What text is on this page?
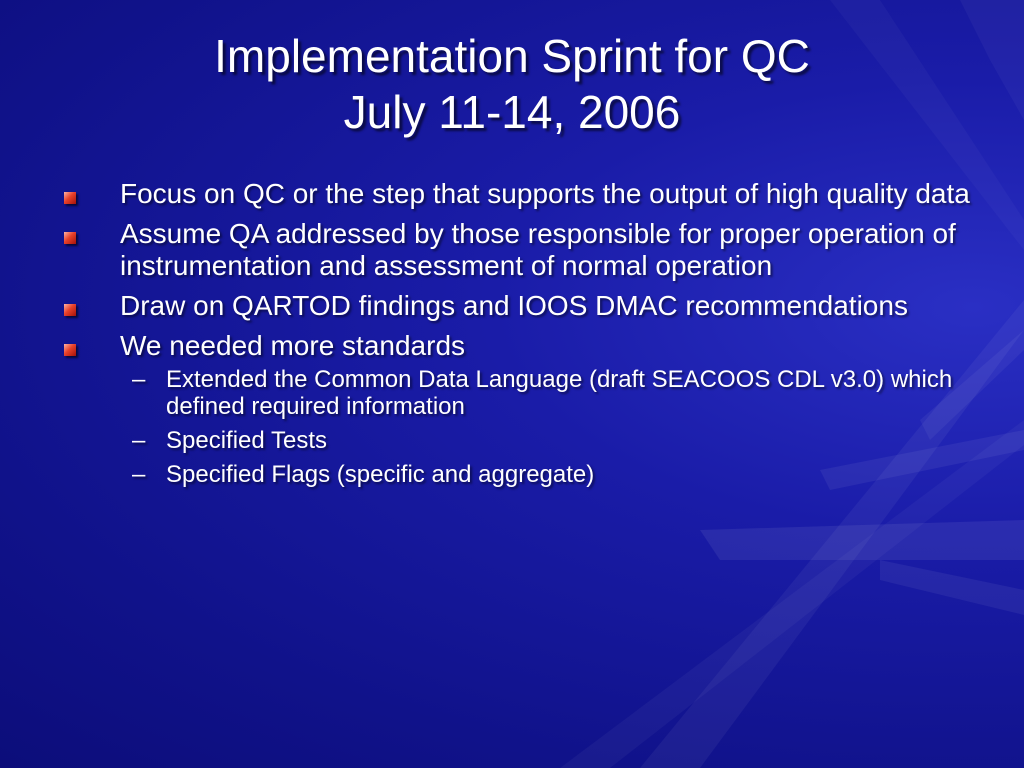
Implementation Sprint for QC
July 11-14, 2006
Focus on QC or the step that supports the output of high quality data
Assume QA addressed by those responsible for proper operation of instrumentation and assessment of normal operation
Draw on QARTOD findings and IOOS DMAC recommendations
We needed more standards
– Extended the Common Data Language (draft SEACOOS CDL v3.0) which defined required information
– Specified Tests
– Specified Flags (specific and aggregate)
